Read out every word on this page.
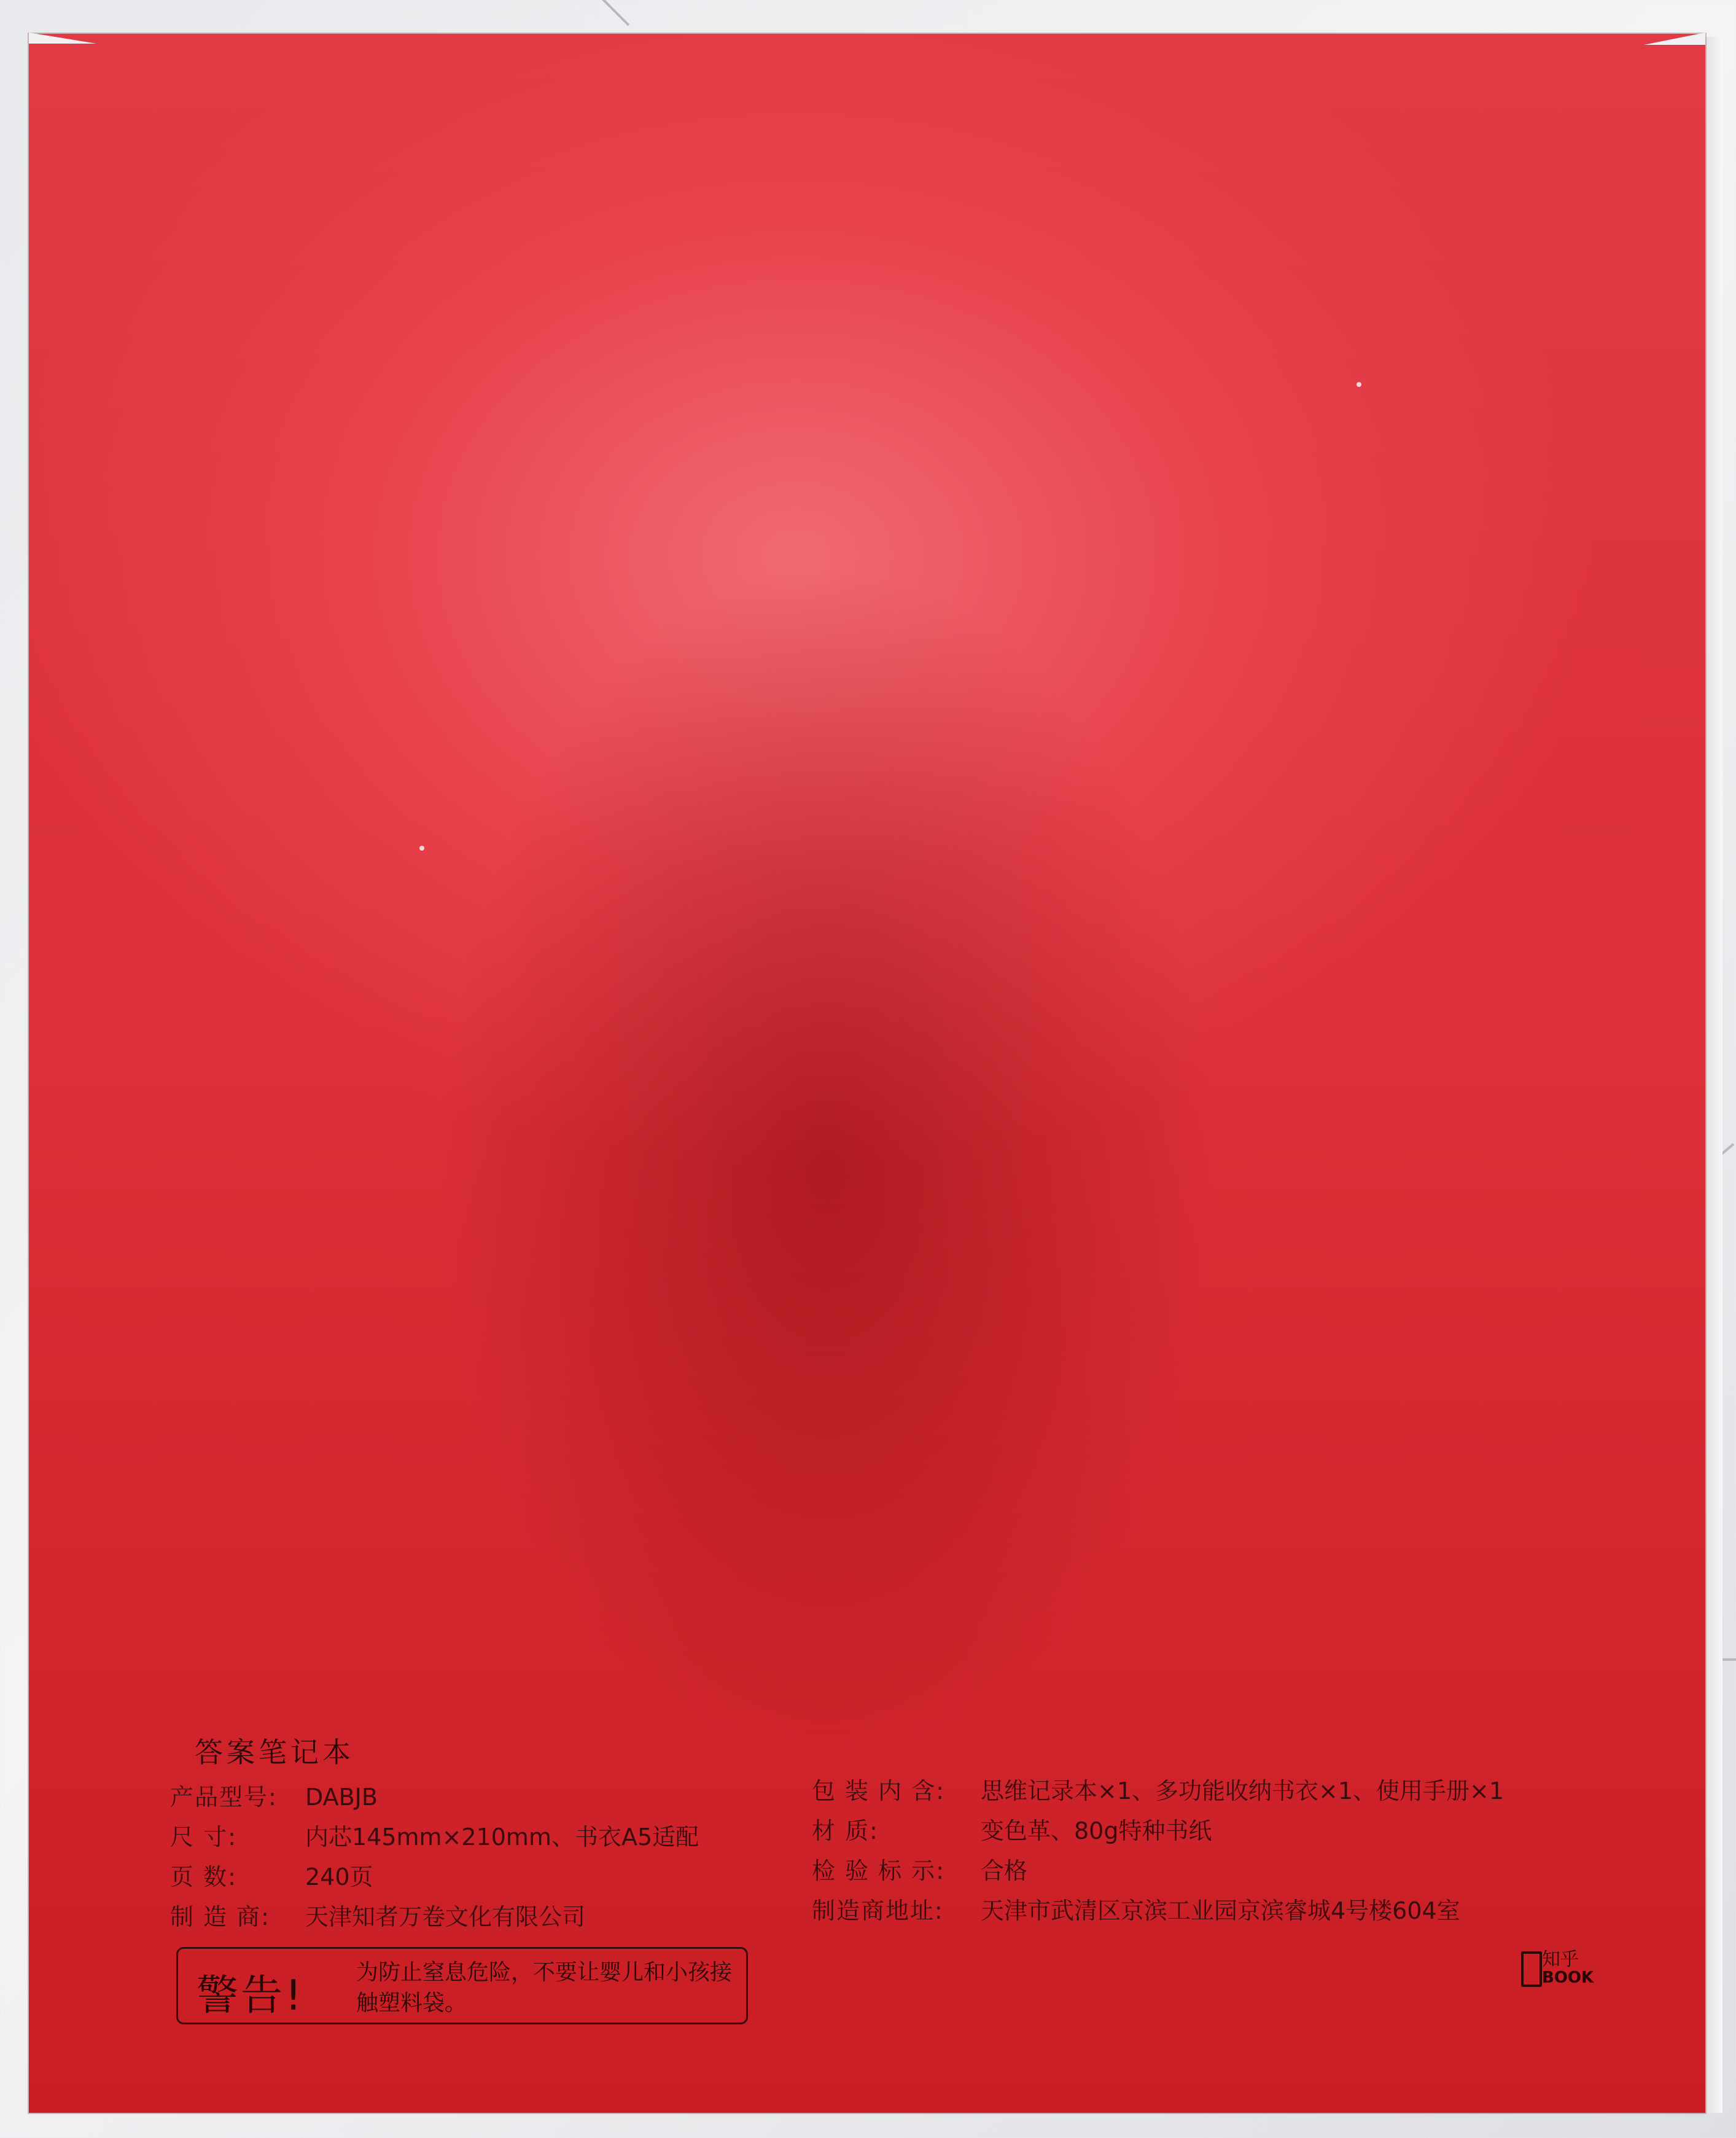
答案笔记本
产品型号: DABJB
尺 寸:	内芯145mm×210mm、书衣A5适配
页 数:	240页
制 造 商: 天津知者万卷文化有限公司
包 装 内 含: 思维记录本×1、多功能收纳书衣×1、使用手册×1
材 质:	变色革、80g特种书纸
检 验 标 示: 合格
制造商地址: 天津市武清区京滨工业园京滨睿城4号楼604室
警告! 为防止窒息危险，不要让婴儿和小孩接触塑料袋。
知乎
BOOK
